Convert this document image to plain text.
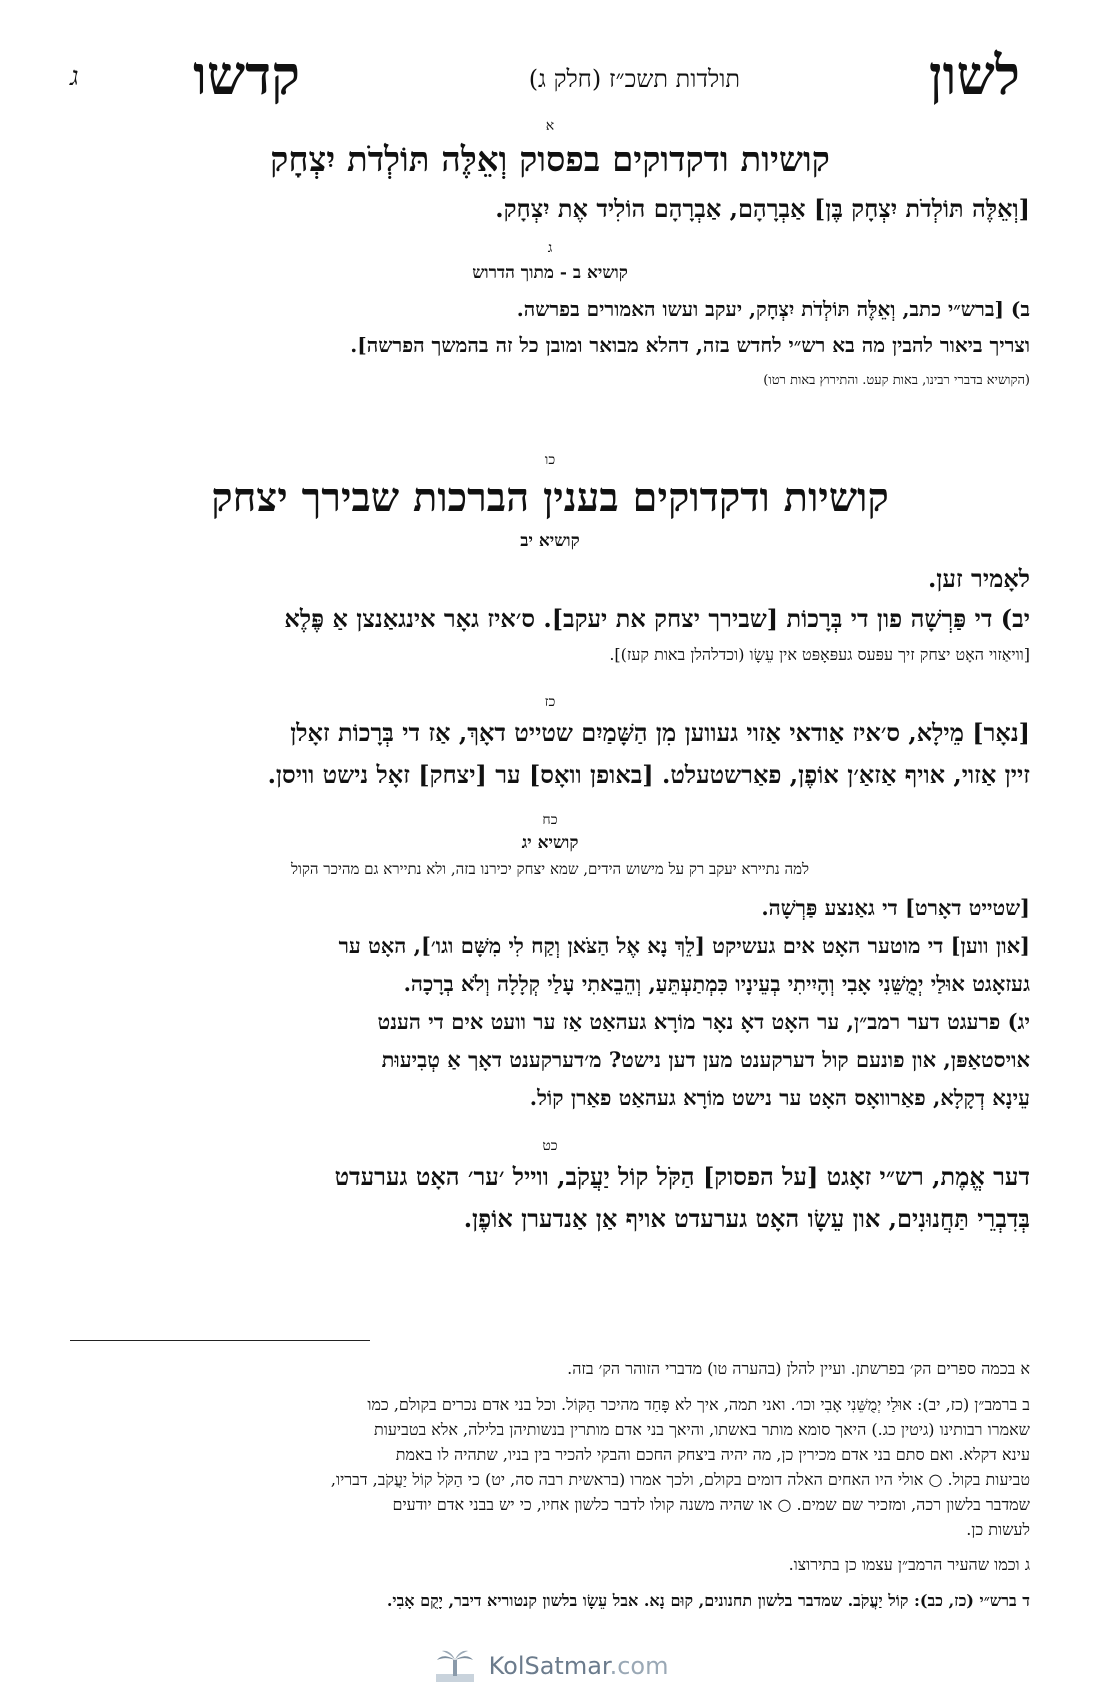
לשון
תולדות תשכ״ז (חלק ג)
קדשו
ג
א
קושיות ודקדוקים בפסוק וְאֵלֶּה תּוֹלְדֹת יִצְחָק
[וְאֵלֶּה תּוֹלְדֹת יִצְחָק בֶּן] אַבְרָהָם, אַבְרָהָם הוֹלִיד אֶת יִצְחָק.
ג
קושיא ב - מתוך הדרוש
ב) [ברש״י כתב, וְאֵלֶּה תּוֹלְדֹת יִצְחָק, יעקב ועשו האמורים בפרשה.
וצריך ביאור להבין מה בא רש״י לחדש בזה, דהלא מבואר ומובן כל זה בהמשך הפרשה].
(הקושיא בדברי רבינו, באות קעט. והתירוץ באות רטו)
כו
קושיות ודקדוקים בענין הברכות שבירך יצחק
קושיא יב
לאָמיר זען.
יב) די פַּרְשָׁה פון די בְּרָכוֹת [שבירך יצחק את יעקב]. ס׳איז גאָר אינגאַנצן אַ פֶּלֶא
[וויאַזוי האָט יצחק זיך עפּעס געפּאָפּט אין עֵשָׂו (וכדלהלן באות קעז)].
כז
[נאָר] מֵילָא, ס׳איז אַודאי אַזוי געווען מִן הַשָּׁמַיִם שטייט דאָךְ, אַז די בְּרָכוֹת זאָלן
זיין אַזוי, אויף אַזאַ׳ן אוֹפֶן, פאַרשטעלט. [באופן וואָס] ער [יצחק] זאָל נישט וויסן.
כח
קושיא יג
למה נתיירא יעקב רק על מישוש הידים, שמא יצחק יכירנו בזה, ולא נתיירא גם מהיכר הקול
[שטייט דאָרט] די גאַנצע פַּרְשָׁה.
[און ווען] די מוטער האָט אים געשיקט [לֵךְ נָא אֶל הַצֹּאן וְקַח לִי מִשָּׁם וגו׳], האָט ער
געזאָגט אוּלַי יְמֻשֵּׁנִי אָבִי וְהָיִיתִי בְעֵינָיו כִּמְתַעְתֵּעַ, וְהֵבֵאתִי עָלַי קְלָלָה וְלֹא בְרָכָה.
יג) פרעגט דער רמב״ן, ער האָט דאָ נאָר מוֹרָא געהאַט אַז ער וועט אים די הענט
אויסטאַפּן, און פונעם קול דערקענט מען דען נישט? מ׳דערקענט דאָך אַ טְבִיעוּת
עֵינָא דְקָלָא, פאַרוואָס האָט ער נישט מוֹרָא געהאַט פאַרן קוֹל.
כט
דער אֱמֶת, רש״י זאָגט [על הפסוק] הַקֹּל קוֹל יַעֲקֹב, ווייל ׳ער׳ האָט גערעדט
בְּדִבְרֵי תַּחֲנוּנִים, און עֵשָׂו האָט גערעדט אויף אַן אַנדערן אוֹפֶן.
א בכמה ספרים הק׳ בפרשתן. ועיין להלן (בהערה טו) מדברי הזוהר הק׳ בזה.
ב ברמב״ן (כז, יב): אוּלַי יְמֻשֵּׁנִי אָבִי וכו׳. ואני תמה, איך לא פָּחַד מהיכר הַקּוֹל. וכל בני אדם נכרים בקולם, כמו
שאמרו רבותינו (גיטין כג.) היאך סומא מותר באשתו, והיאך בני אדם מותרין בנשותיהן בלילה, אלא בטביעות
עינא דקלא. ואם סתם בני אדם מכירין כן, מה יהיה ביצחק החכם והבקי להכיר בין בניו, שתהיה לו באמת
טביעות בקול. ○ אולי היו האחים האלה דומים בקולם, ולכך אמרו (בראשית רבה סה, יט) כי הַקֹּל קוֹל יַעֲקֹב, דבריו,
שמדבר בלשון רכה, ומזכיר שם שמים. ○ או שהיה משנה קולו לדבר כלשון אחיו, כי יש בבני אדם יודעים
לעשות כן.
ג וכמו שהעיר הרמב״ן עצמו כן בתירוצו.
ד ברש״י (כז, כב): קוֹל יַעֲקֹב. שמדבר בלשון תחנונים, קוּם נָא. אבל עֵשָׂו בלשון קנטוריא דיבר, יָקֻם אָבִי.
KolSatmar.com
